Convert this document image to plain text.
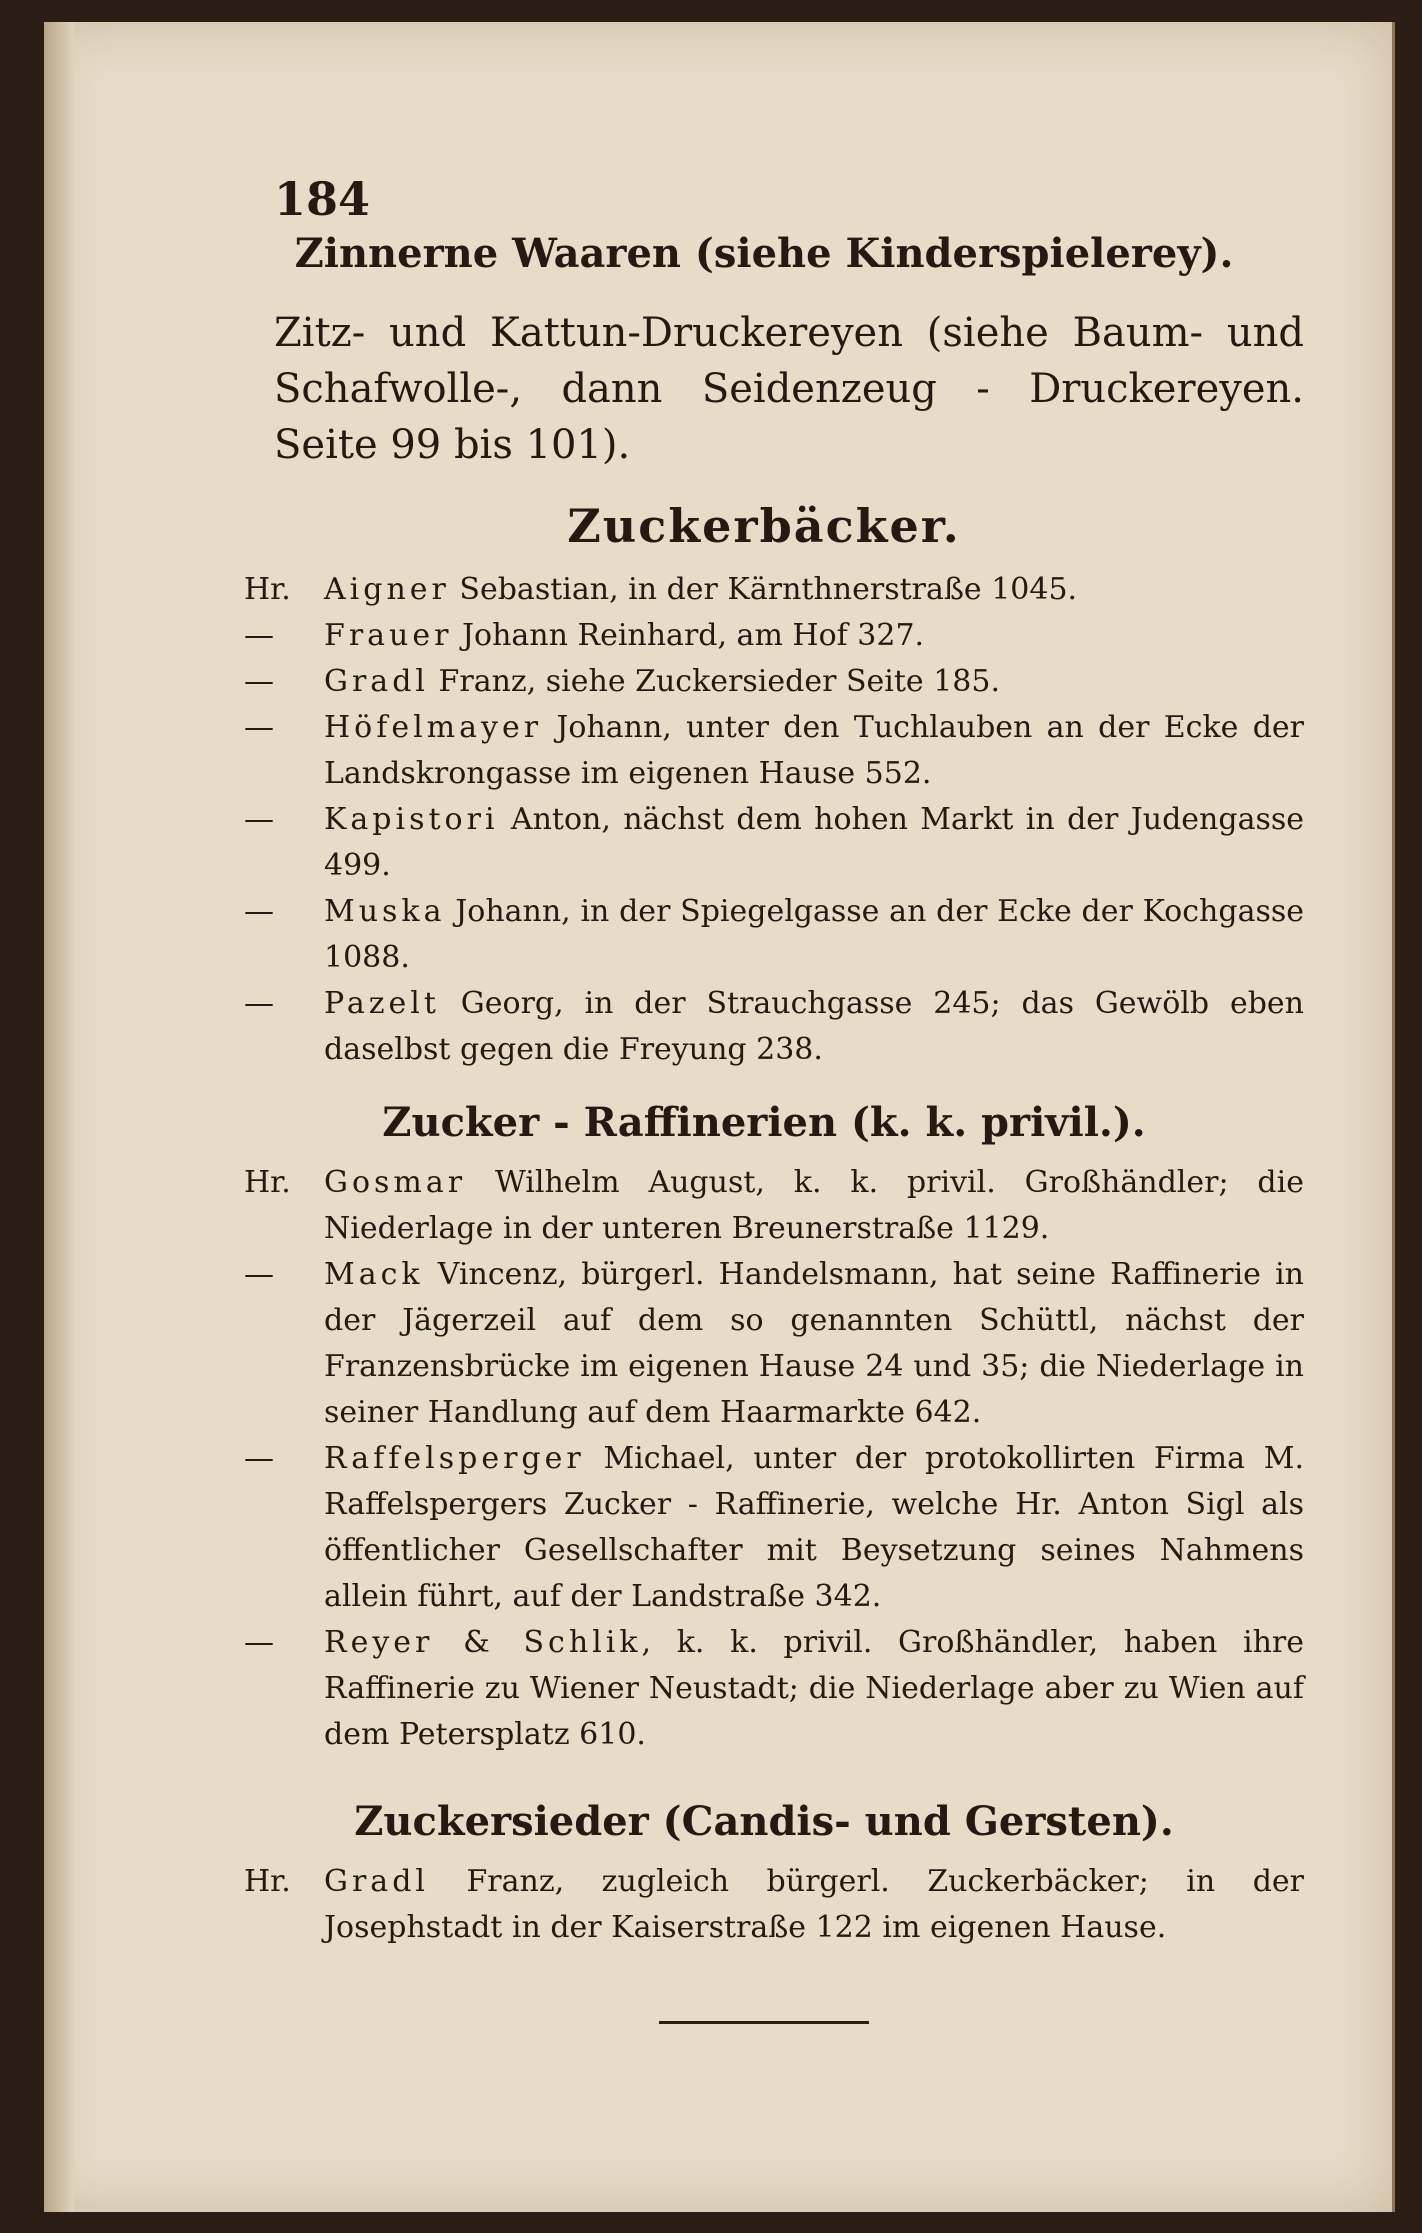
184

Zinnerne Waaren (siehe Kinderspielerey).

Zitz- und Kattun-Druckereyen (siehe Baum- und Schafwolle-, dann Seidenzeug - Druckereyen. Seite 99 bis 101).

Zuckerbäcker.

Hr. Aigner Sebastian, in der Kärnthnerstraße 1045.

— Frauer Johann Reinhard, am Hof 327.

— Gradl Franz, siehe Zuckersieder Seite 185.

— Höfelmayer Johann, unter den Tuchlauben an der Ecke der Landskrongasse im eigenen Hause 552.

— Kapistori Anton, nächst dem hohen Markt in der Judengasse 499.

— Muska Johann, in der Spiegelgasse an der Ecke der Kochgasse 1088.

— Pazelt Georg, in der Strauchgasse 245; das Gewölb eben daselbst gegen die Freyung 238.

Zucker - Raffinerien (k. k. privil.).

Hr. Gosmar Wilhelm August, k. k. privil. Großhändler; die Niederlage in der unteren Breunerstraße 1129.

— Mack Vincenz, bürgerl. Handelsmann, hat seine Raffinerie in der Jägerzeil auf dem so genannten Schüttl, nächst der Franzensbrücke im eigenen Hause 24 und 35; die Niederlage in seiner Handlung auf dem Haarmarkte 642.

— Raffelsperger Michael, unter der protokollirten Firma M. Raffelspergers Zucker - Raffinerie, welche Hr. Anton Sigl als öffentlicher Gesellschafter mit Beysetzung seines Nahmens allein führt, auf der Landstraße 342.

— Reyer & Schlik, k. k. privil. Großhändler, haben ihre Raffinerie zu Wiener Neustadt; die Niederlage aber zu Wien auf dem Petersplatz 610.

Zuckersieder (Candis- und Gersten).

Hr. Gradl Franz, zugleich bürgerl. Zuckerbäcker; in der Josephstadt in der Kaiserstraße 122 im eigenen Hause.
